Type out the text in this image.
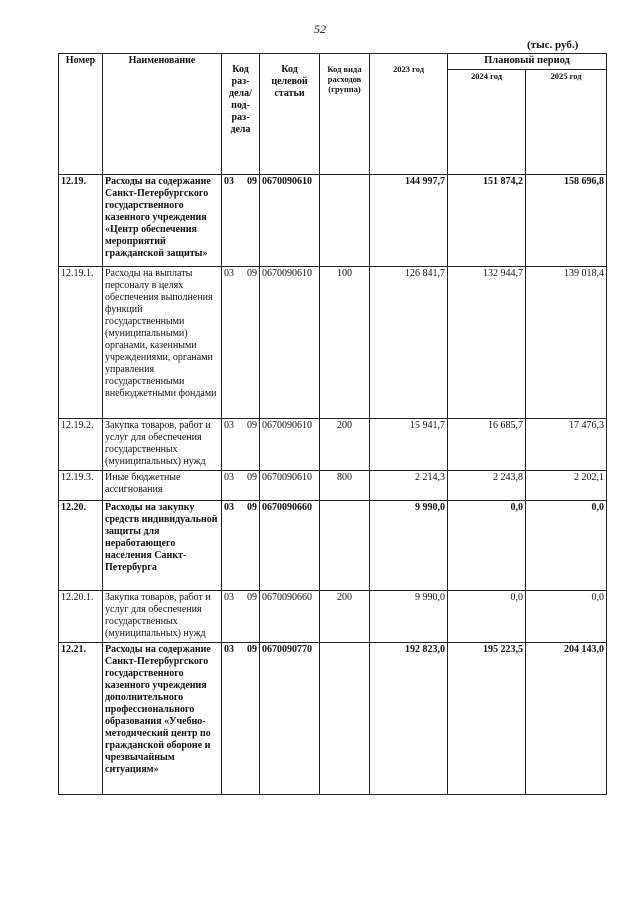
52
(тыс. руб.)
Номер	Наименование	Код раз-дела/ под-раз-дела	Код целевой статьи	Код вида расходов (группа)	2023 год	Плановый период	
						2024 год	2025 год
12.19.	Расходы на содержание Санкт-Петербургского государственного казенного учреждения «Центр обеспечения мероприятий гражданской защиты»	03 09	0670090610		144 997,7	151 874,2	158 696,8
12.19.1.	Расходы на выплаты персоналу в целях обеспечения выполнения функций государственными (муниципальными) органами, казенными учреждениями, органами управления государственными внебюджетными фондами	03 09	0670090610	100	126 841,7	132 944,7	139 018,4
12.19.2.	Закупка товаров, работ и услуг для обеспечения государственных (муниципальных) нужд	03 09	0670090610	200	15 941,7	16 685,7	17 476,3
12.19.3.	Иные бюджетные ассигнования	03 09	0670090610	800	2 214,3	2 243,8	2 202,1
12.20.	Расходы на закупку средств индивидуальной защиты для неработающего населения Санкт-Петербурга	03 09	0670090660		9 990,0	0,0	0,0
12.20.1.	Закупка товаров, работ и услуг для обеспечения государственных (муниципальных) нужд	03 09	0670090660	200	9 990,0	0,0	0,0
12.21.	Расходы на содержание Санкт-Петербургского государственного казенного учреждения дополнительного профессионального образования «Учебно-методический центр по гражданской обороне и чрезвычайным ситуациям»	03 09	0670090770		192 823,0	195 223,5	204 143,0
